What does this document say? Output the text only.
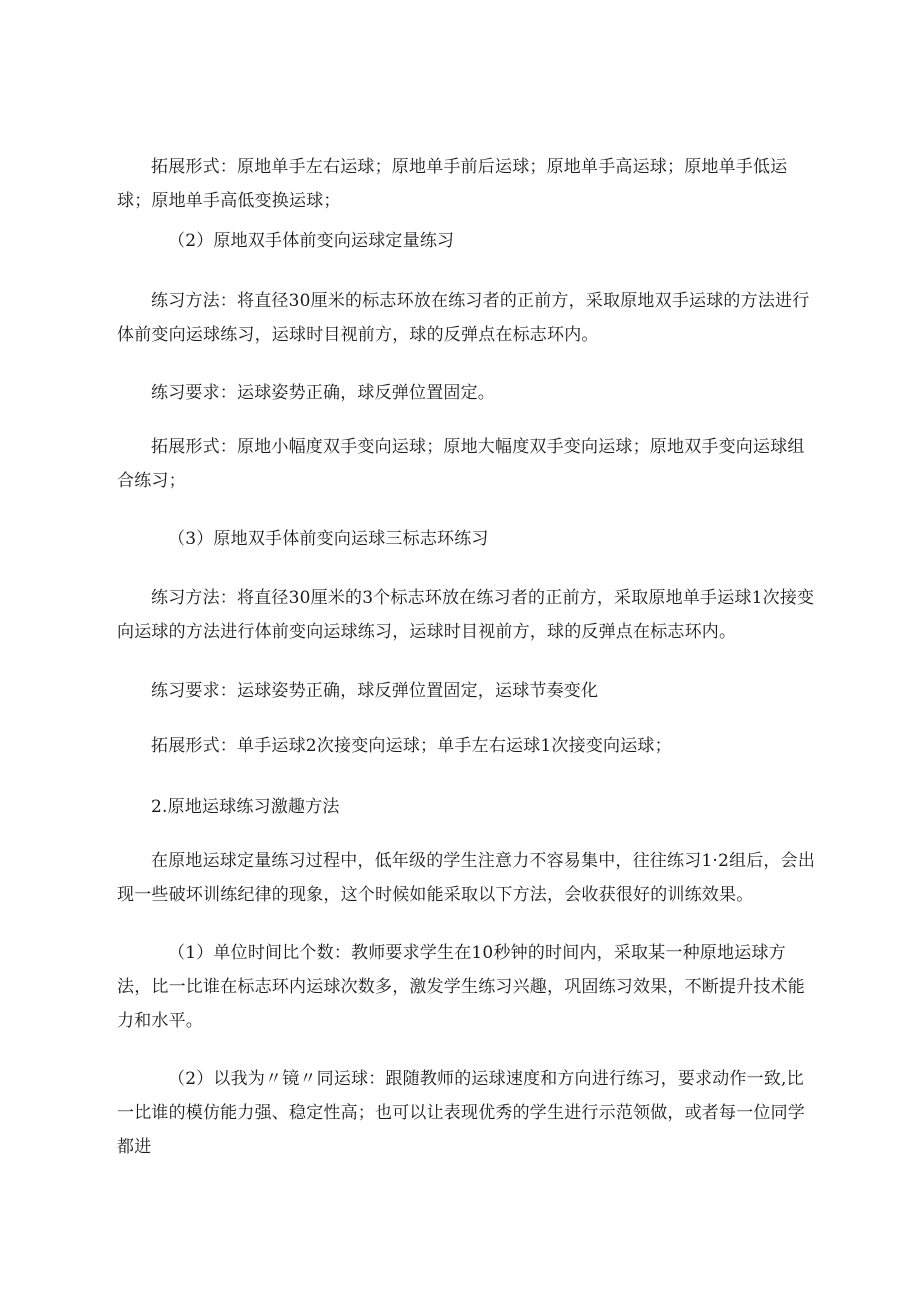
拓展形式：原地单手左右运球；原地单手前后运球；原地单手高运球；原地单手低运球；原地单手高低变换运球；

（2）原地双手体前变向运球定量练习

练习方法：将直径30厘米的标志环放在练习者的正前方，采取原地双手运球的方法进行体前变向运球练习，运球时目视前方，球的反弹点在标志环内。

练习要求：运球姿势正确，球反弹位置固定。

拓展形式：原地小幅度双手变向运球；原地大幅度双手变向运球；原地双手变向运球组合练习；

（3）原地双手体前变向运球三标志环练习

练习方法：将直径30厘米的3个标志环放在练习者的正前方，采取原地单手运球1次接变向运球的方法进行体前变向运球练习，运球时目视前方，球的反弹点在标志环内。

练习要求：运球姿势正确，球反弹位置固定，运球节奏变化

拓展形式：单手运球2次接变向运球；单手左右运球1次接变向运球；

2.原地运球练习激趣方法

在原地运球定量练习过程中，低年级的学生注意力不容易集中，往往练习1·2组后，会出现一些破坏训练纪律的现象，这个时候如能采取以下方法，会收获很好的训练效果。

（1）单位时间比个数：教师要求学生在10秒钟的时间内，采取某一种原地运球方法，比一比谁在标志环内运球次数多，激发学生练习兴趣，巩固练习效果，不断提升技术能力和水平。

（2）以我为〃镜〃同运球：跟随教师的运球速度和方向进行练习，要求动作一致,比一比谁的模仿能力强、稳定性高；也可以让表现优秀的学生进行示范领做，或者每一位同学都进
